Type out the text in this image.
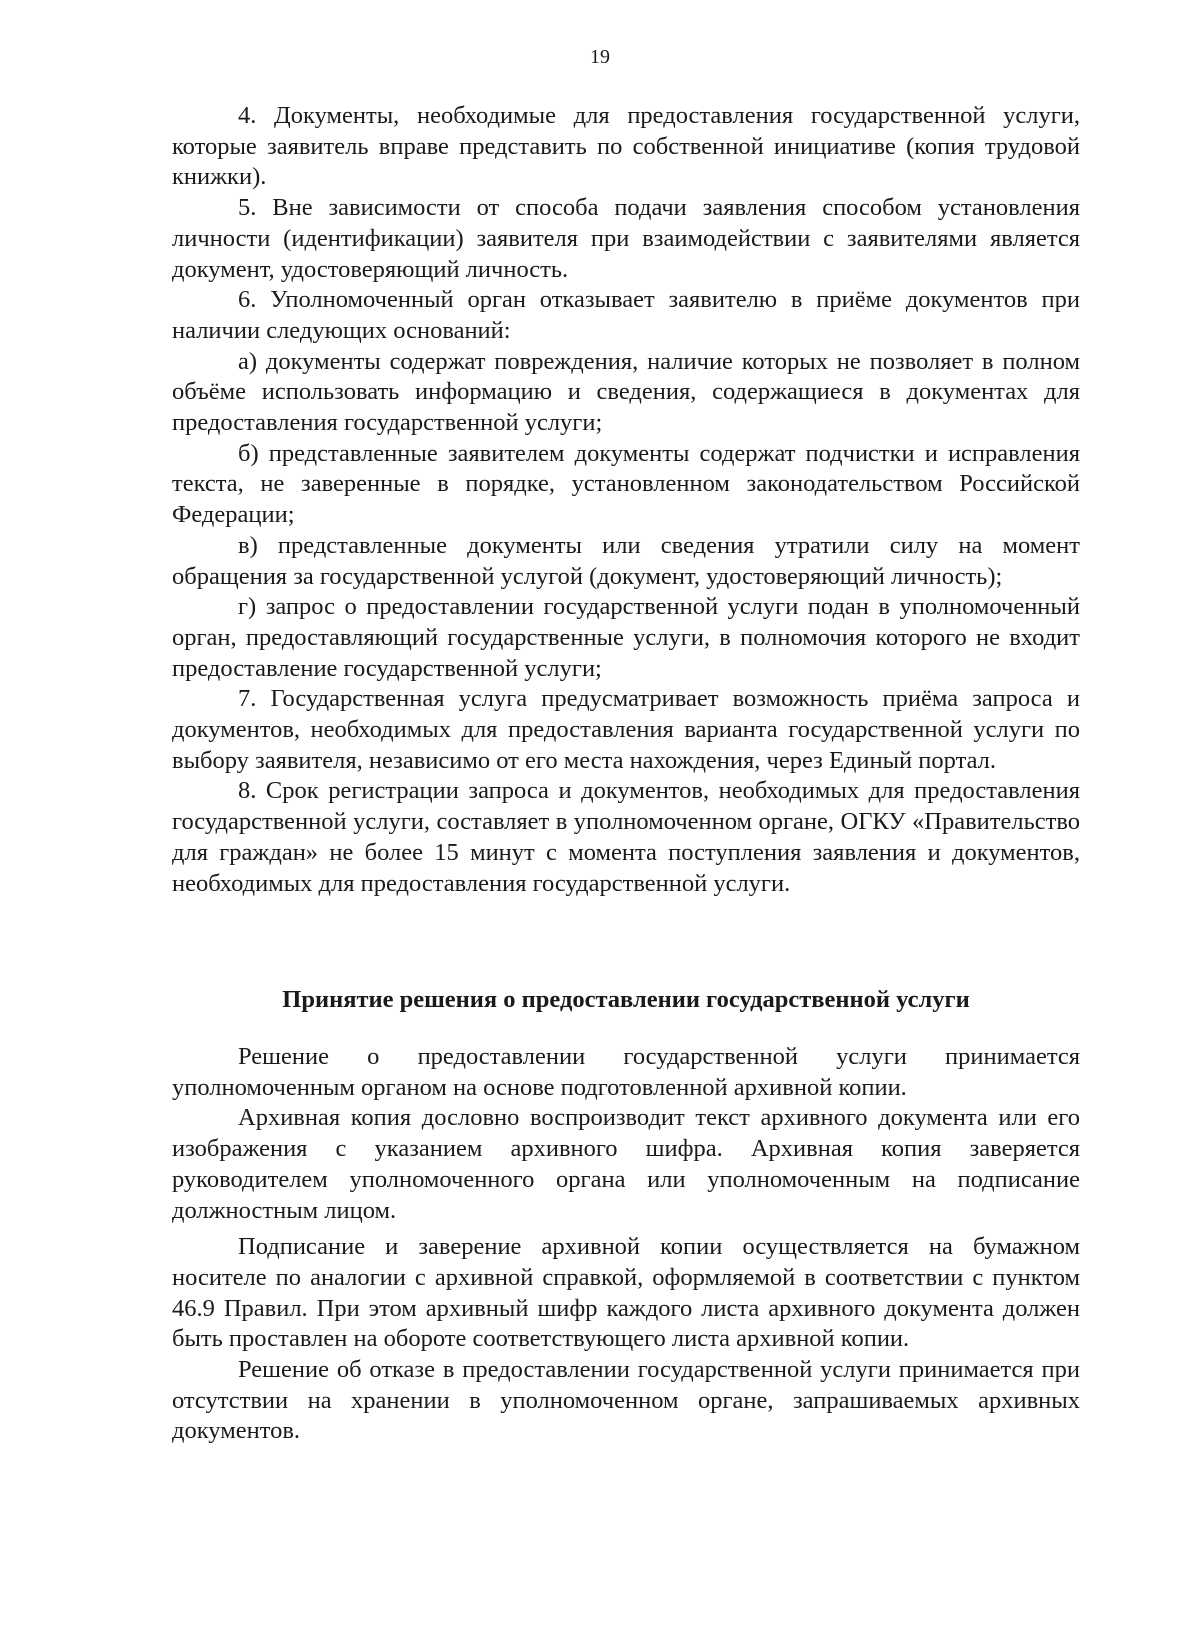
19

4. Документы, необходимые для предоставления государственной услуги, которые заявитель вправе представить по собственной инициативе (копия трудовой книжки).

5. Вне зависимости от способа подачи заявления способом установления личности (идентификации) заявителя при взаимодействии с заявителями является документ, удостоверяющий личность.

6. Уполномоченный орган отказывает заявителю в приёме документов при наличии следующих оснований:

а) документы содержат повреждения, наличие которых не позволяет в полном объёме использовать информацию и сведения, содержащиеся в документах для предоставления государственной услуги;

б) представленные заявителем документы содержат подчистки и исправления текста, не заверенные в порядке, установленном законодательством Российской Федерации;

в) представленные документы или сведения утратили силу на момент обращения за государственной услугой (документ, удостоверяющий личность);

г) запрос о предоставлении государственной услуги подан в уполномоченный орган, предоставляющий государственные услуги, в полномочия которого не входит предоставление государственной услуги;

7. Государственная услуга предусматривает возможность приёма запроса и документов, необходимых для предоставления варианта государственной услуги по выбору заявителя, независимо от его места нахождения, через Единый портал.

8. Срок регистрации запроса и документов, необходимых для предоставления государственной услуги, составляет в уполномоченном органе, ОГКУ «Правительство для граждан» не более 15 минут с момента поступления заявления и документов, необходимых для предоставления государственной услуги.

Принятие решения о предоставлении государственной услуги

Решение о предоставлении государственной услуги принимается уполномоченным органом на основе подготовленной архивной копии.

Архивная копия дословно воспроизводит текст архивного документа или его изображения с указанием архивного шифра. Архивная копия заверяется руководителем уполномоченного органа или уполномоченным на подписание должностным лицом.

Подписание и заверение архивной копии осуществляется на бумажном носителе по аналогии с архивной справкой, оформляемой в соответствии с пунктом 46.9 Правил. При этом архивный шифр каждого листа архивного документа должен быть проставлен на обороте соответствующего листа архивной копии.

Решение об отказе в предоставлении государственной услуги принимается при отсутствии на хранении в уполномоченном органе, запрашиваемых архивных документов.
